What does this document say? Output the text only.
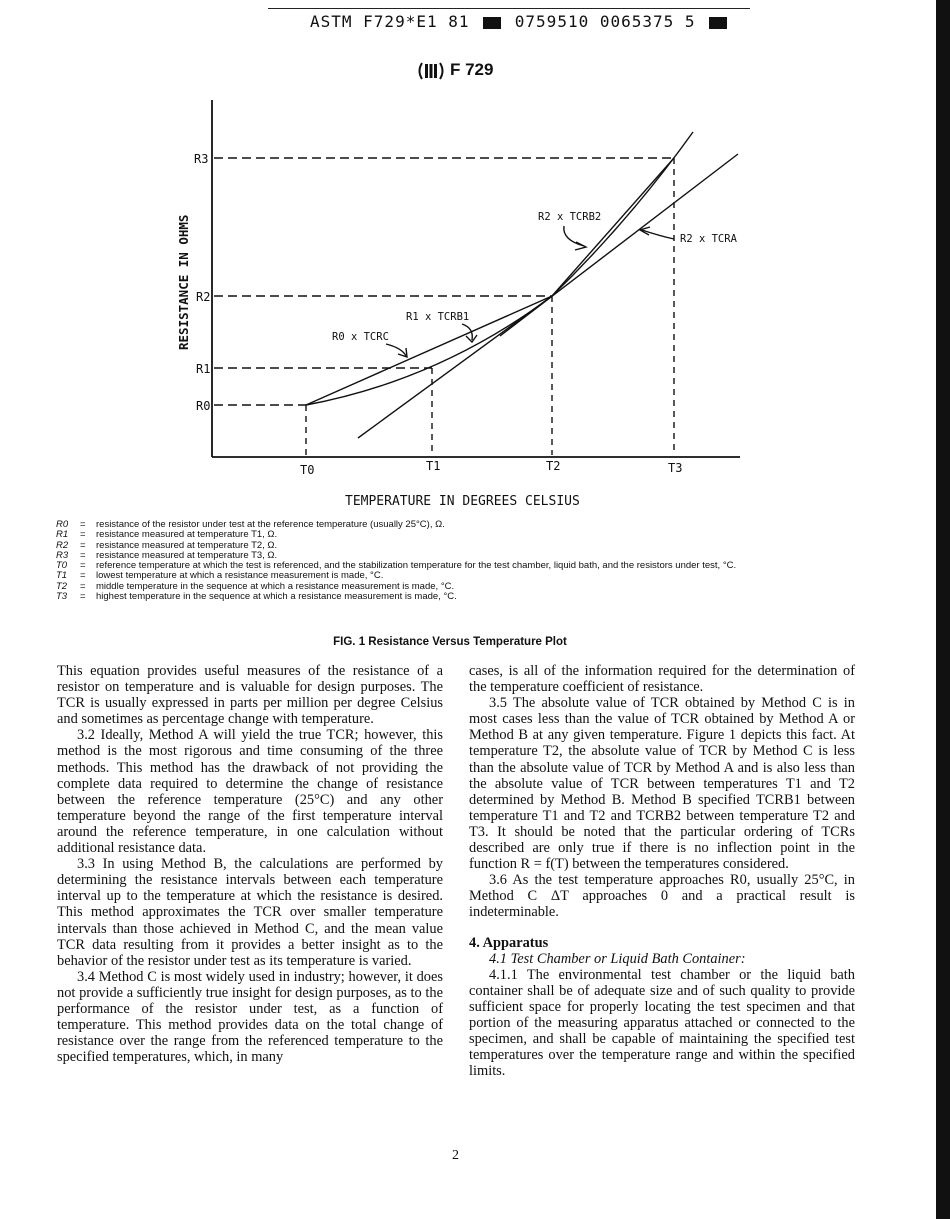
ASTM F729*E1 81	0759510 0065375 5
F 729
R3
R2
R1
R0
T0	T1	T2	T3
RESISTANCE IN OHMS
TEMPERATURE IN DEGREES CELSIUS
R2 x TCRB2
R2 x TCRA
R1 x TCRB1
R0 x TCRC
R0	=	resistance of the resistor under test at the reference temperature (usually 25°C), Ω.
R1	=	resistance measured at temperature T1, Ω.
R2	=	resistance measured at temperature T2, Ω.
R3	=	resistance measured at temperature T3, Ω.
T0	=	reference temperature at which the test is referenced, and the stabilization temperature for the test chamber, liquid bath, and the resistors under test, °C.
T1	=	lowest temperature at which a resistance measurement is made, °C.
T2	=	middle temperature in the sequence at which a resistance measurement is made, °C.
T3	=	highest temperature in the sequence at which a resistance measurement is made, °C.
FIG. 1 Resistance Versus Temperature Plot

This equation provides useful measures of the resistance of a resistor on temperature and is valuable for design purposes. The TCR is usually expressed in parts per million per degree Celsius and sometimes as percentage change with temperature.

3.2 Ideally, Method A will yield the true TCR; however, this method is the most rigorous and time consuming of the three methods. This method has the drawback of not providing the complete data required to determine the change of resistance between the reference temperature (25°C) and any other temperature beyond the range of the first temperature interval around the reference temperature, in one calculation without additional resistance data.

3.3 In using Method B, the calculations are performed by determining the resistance intervals between each temperature interval up to the temperature at which the resistance is desired. This method approximates the TCR over smaller temperature intervals than those achieved in Method C, and the mean value TCR data resulting from it provides a better insight as to the behavior of the resistor under test as its temperature is varied.

3.4 Method C is most widely used in industry; however, it does not provide a sufficiently true insight for design purposes, as to the performance of the resistor under test, as a function of temperature. This method provides data on the total change of resistance over the range from the referenced temperature to the specified temperatures, which, in many

cases, is all of the information required for the determination of the temperature coefficient of resistance.

3.5 The absolute value of TCR obtained by Method C is in most cases less than the value of TCR obtained by Method A or Method B at any given temperature. Figure 1 depicts this fact. At temperature T2, the absolute value of TCR by Method C is less than the absolute value of TCR by Method A and is also less than the absolute value of TCR between temperatures T1 and T2 determined by Method B. Method B specified TCRB1 between temperature T1 and T2 and TCRB2 between temperature T2 and T3. It should be noted that the particular ordering of TCRs described are only true if there is no inflection point in the function R = f(T) between the temperatures considered.

3.6 As the test temperature approaches R0, usually 25°C, in Method C ΔT approaches 0 and a practical result is indeterminable.

4. Apparatus

4.1 Test Chamber or Liquid Bath Container:

4.1.1 The environmental test chamber or the liquid bath container shall be of adequate size and of such quality to provide sufficient space for properly locating the test specimen and that portion of the measuring apparatus attached or connected to the specimen, and shall be capable of maintaining the specified test temperatures over the temperature range and within the specified limits.

2
